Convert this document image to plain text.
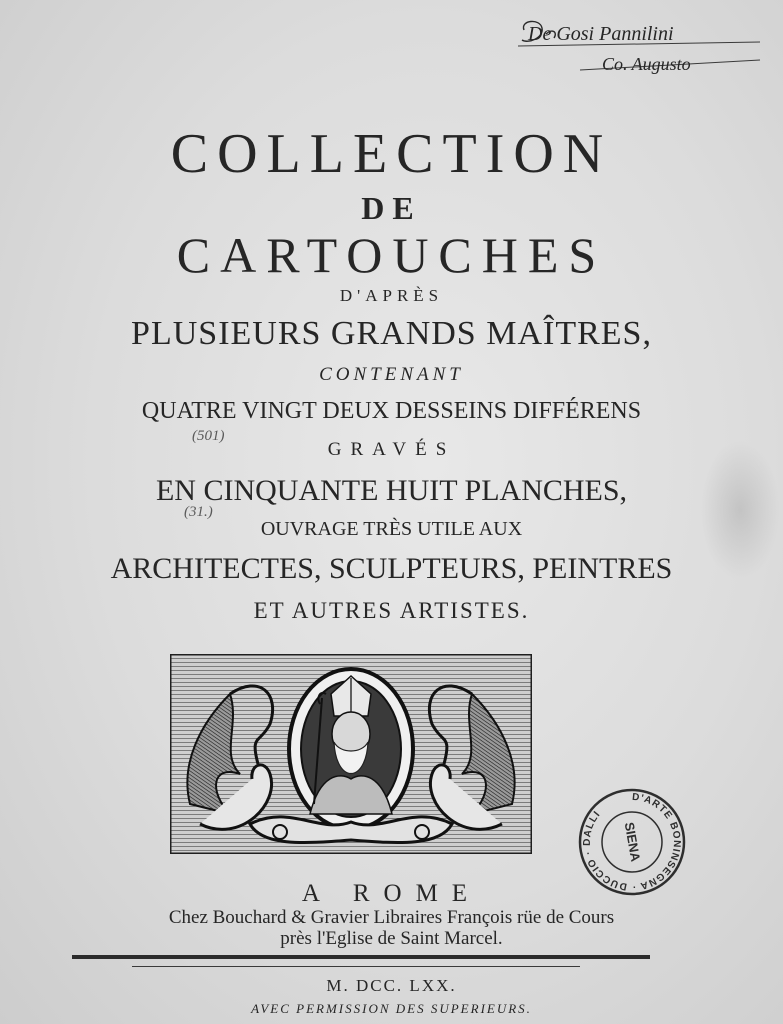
De Gosi Pannilini
Co. Augusto
COLLECTION
DE
CARTOUCHES
D'APRÈS
PLUSIEURS GRANDS MAÎTRES,
CONTENANT
QUATRE VINGT DEUX DESSEINS DIFFÉRENS
GRAVÉS
EN CINQUANTE HUIT PLANCHES,
OUVRAGE TRÈS UTILE AUX
ARCHITECTES, SCULPTEURS, PEINTRES
ET AUTRES ARTISTES.
(501)
(31.)
D'ARTE BONINSEGNA · DUCCIO · DALLI
SIENA
A ROME
Chez Bouchard & Gravier Libraires François rüe de Cours
près l'Eglise de Saint Marcel.
M. DCC. LXX.
AVEC PERMISSION DES SUPERIEURS.
